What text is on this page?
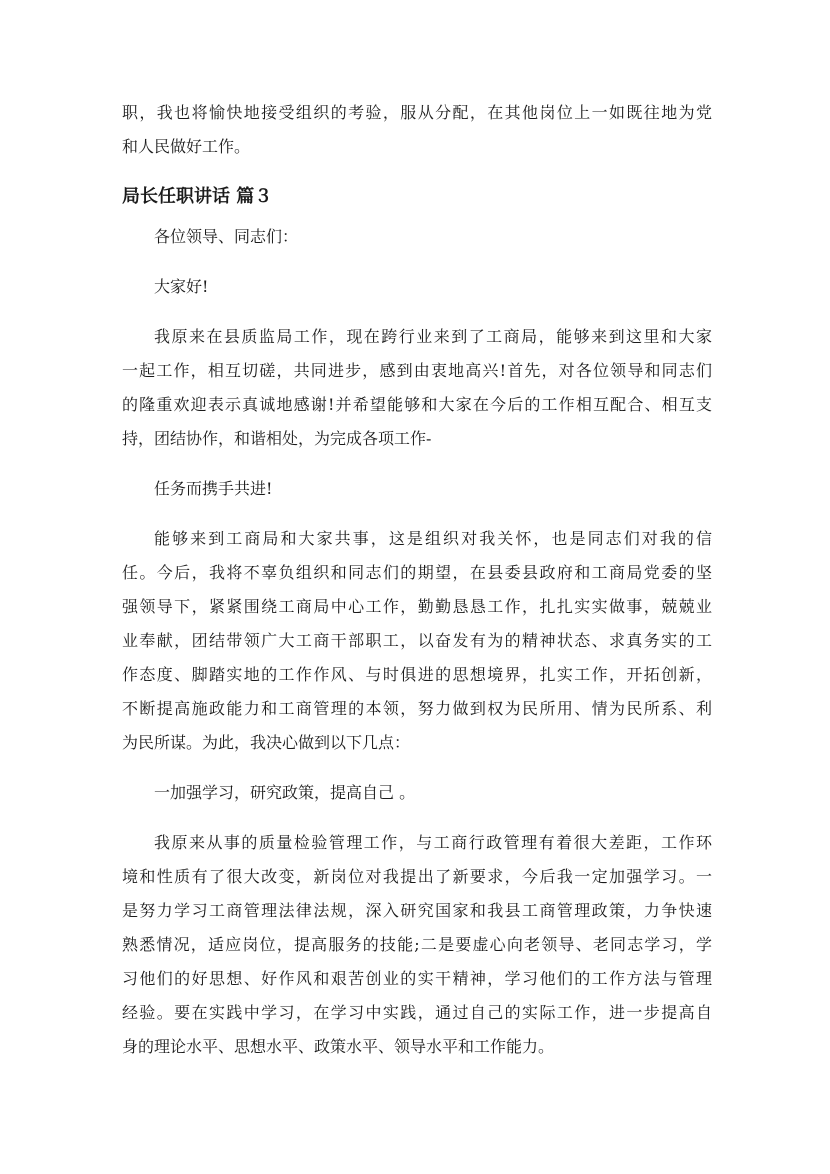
职，我也将愉快地接受组织的考验，服从分配，在其他岗位上一如既往地为党
和人民做好工作。
局长任职讲话 篇３
各位领导、同志们：
大家好!
我原来在县质监局工作，现在跨行业来到了工商局，能够来到这里和大家
一起工作，相互切磋，共同进步，感到由衷地高兴!首先，对各位领导和同志们
的隆重欢迎表示真诚地感谢!并希望能够和大家在今后的工作相互配合、相互支
持，团结协作，和谐相处，为完成各项工作-
任务而携手共进!
能够来到工商局和大家共事，这是组织对我关怀，也是同志们对我的信
任。今后，我将不辜负组织和同志们的期望，在县委县政府和工商局党委的坚
强领导下，紧紧围绕工商局中心工作，勤勤恳恳工作，扎扎实实做事，兢兢业
业奉献，团结带领广大工商干部职工，以奋发有为的精神状态、求真务实的工
作态度、脚踏实地的工作作风、与时俱进的思想境界，扎实工作，开拓创新，
不断提高施政能力和工商管理的本领，努力做到权为民所用、情为民所系、利
为民所谋。为此，我决心做到以下几点：
一加强学习，研究政策，提高自己 。
我原来从事的质量检验管理工作，与工商行政管理有着很大差距，工作环
境和性质有了很大改变，新岗位对我提出了新要求，今后我一定加强学习。一
是努力学习工商管理法律法规，深入研究国家和我县工商管理政策，力争快速
熟悉情况，适应岗位，提高服务的技能;二是要虚心向老领导、老同志学习，学
习他们的好思想、好作风和艰苦创业的实干精神，学习他们的工作方法与管理
经验。要在实践中学习，在学习中实践，通过自己的实际工作，进一步提高自
身的理论水平、思想水平、政策水平、领导水平和工作能力。
